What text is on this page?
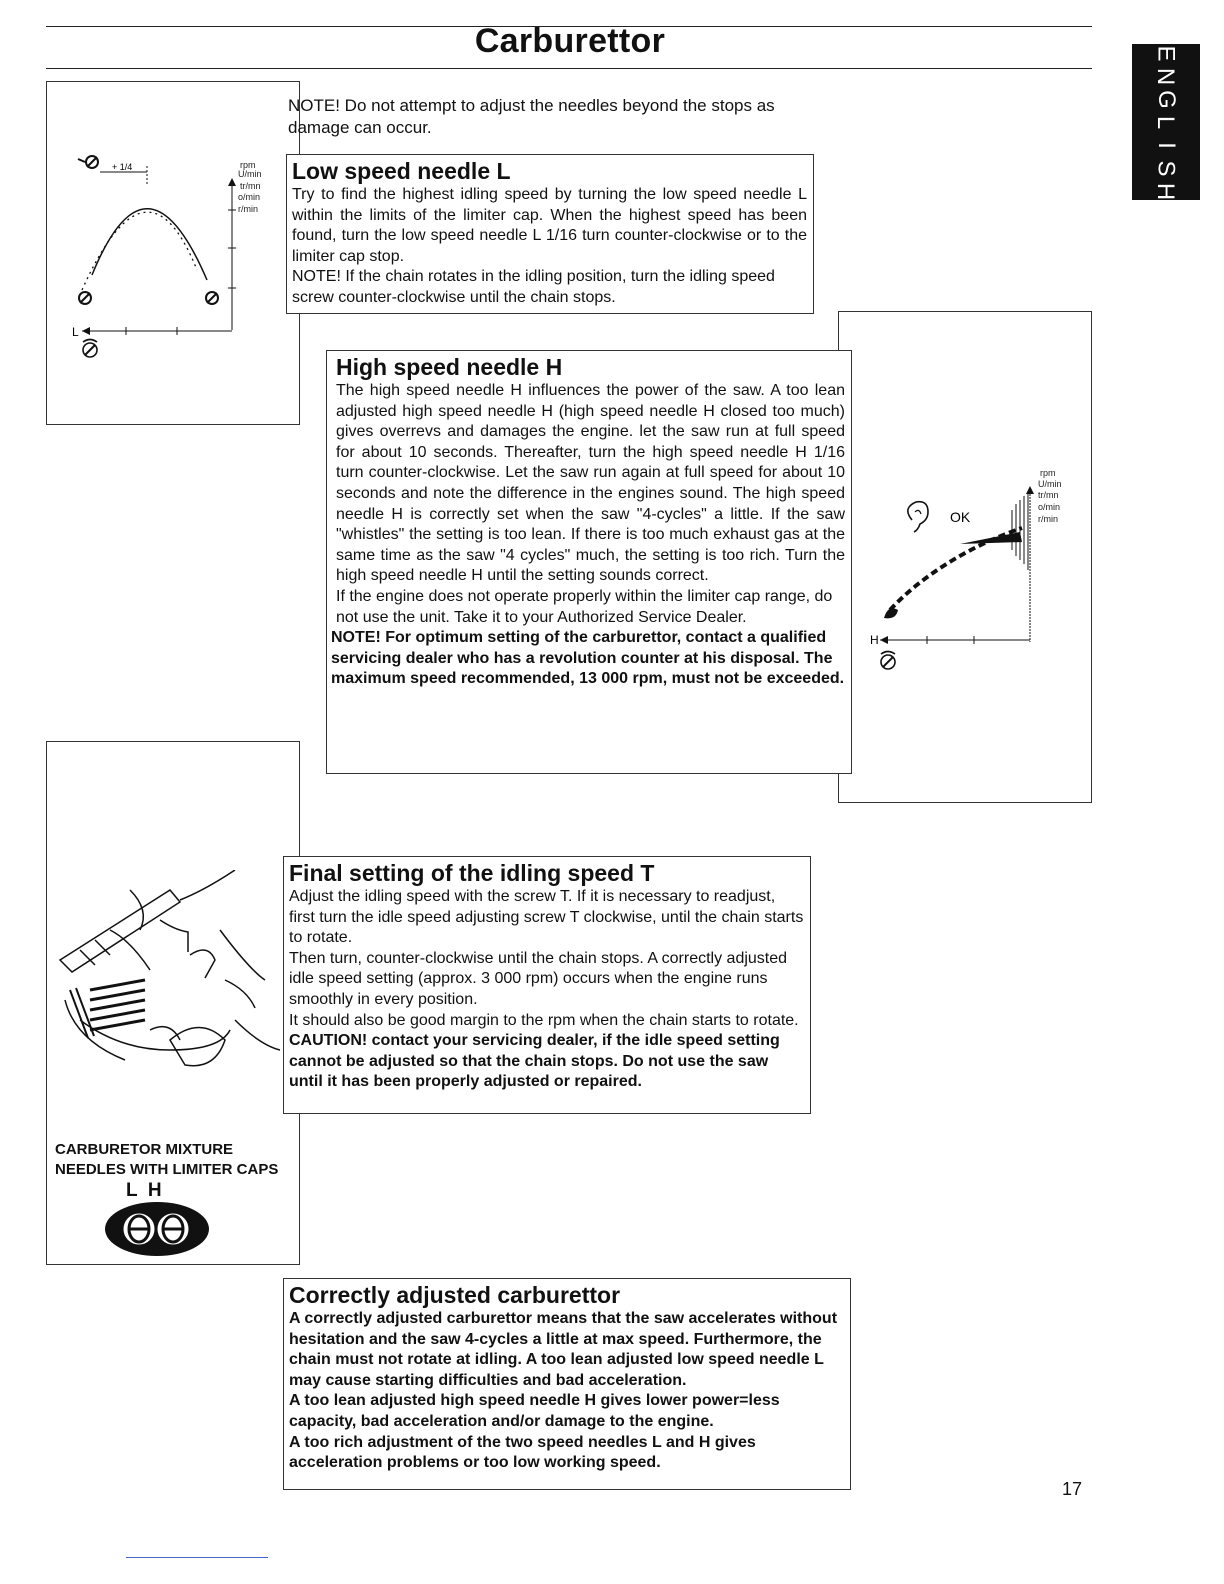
Carburettor	E
N
G
L
I
S
H
+ 1/4	rpm
U/min
tr/mn
o/min
r/min
L
rpm
U/min
tr/mn
o/min
r/min
OK
H
CARBURETOR MIXTURE
NEEDLES WITH LIMITER CAPS
L  H
NOTE! Do not attempt to adjust the needles beyond the stops as damage can occur.
Low speed needle L

Try to find the highest idling speed by turning the low speed needle L within the limits of the limiter cap. When the highest speed has been found, turn the low speed needle L 1/16 turn counter-clockwise or to the limiter cap stop.

NOTE! If the chain rotates in the idling position, turn the idling speed screw counter-clockwise until the chain stops.

High speed needle H

The high speed needle H influences the power of the saw. A too lean adjusted high speed needle H (high speed needle H closed too much) gives overrevs and damages the engine. let the saw run at full speed for about 10 seconds. Thereafter, turn the high speed needle H 1/16 turn counter-clockwise. Let the saw run again at full speed for about 10 seconds and note the difference in the engines sound. The high speed needle H is correctly set when the saw "4-cycles" a little. If the saw "whistles" the setting is too lean. If there is too much exhaust gas at the same time as the saw "4 cycles" much, the setting is too rich. Turn the high speed needle H until the setting sounds correct.

If the engine does not operate properly within the limiter cap range, do not use the unit. Take it to your Authorized Service Dealer.

NOTE! For optimum setting of the carburettor, contact a qualified servicing dealer who has a revolution counter at his disposal. The maximum speed recommended, 13 000 rpm, must not be exceeded.

Final setting of the idling speed T

Adjust the idling speed with the screw T. If it is necessary to readjust, first turn the idle speed adjusting screw T clockwise, until the chain starts to rotate.

Then turn, counter-clockwise until the chain stops. A correctly adjusted idle speed setting (approx. 3 000 rpm) occurs when the engine runs smoothly in every position.

It should also be good margin to the rpm when the chain starts to rotate.

CAUTION! contact your servicing dealer, if the idle speed setting cannot be adjusted so that the chain stops. Do not use the saw until it has been properly adjusted or repaired.

Correctly adjusted carburettor

A correctly adjusted carburettor means that the saw accelerates without hesitation and the saw 4-cycles a little at max speed. Furthermore, the chain must not rotate at idling. A too lean adjusted low speed needle L may cause starting difficulties and bad acceleration.

A too lean adjusted high speed needle H gives lower power=less capacity, bad acceleration and/or damage to the engine.

A too rich adjustment of the two speed needles L and H gives acceleration problems or too low working speed.

17
